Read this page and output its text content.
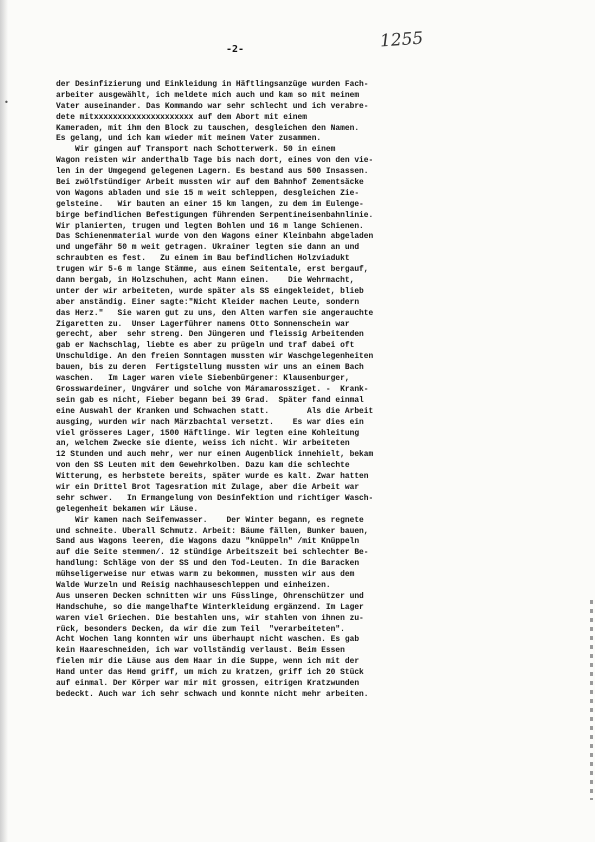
-2-	1255
•
der Desinfizierung und Einkleidung in Häftlingsanzüge wurden Fach-
arbeiter ausgewählt, ich meldete mich auch und kam so mit meinem
Vater auseinander. Das Kommando war sehr schlecht und ich verabre-
dete mitxxxxxxxxxxxxxxxxxxxxx auf dem Abort mit einem
Kameraden, mit ihm den Block zu tauschen, desgleichen den Namen.
Es gelang, und ich kam wieder mit meinem Vater zusammen.
Wir gingen auf Transport nach Schotterwerk. 50 in einem
Wagon reisten wir anderthalb Tage bis nach dort, eines von den vie-
len in der Umgegend gelegenen Lagern. Es bestand aus 500 Insassen.
Bei zwölfstündiger Arbeit mussten wir auf dem Bahnhof Zementsäcke
von Wagons abladen und sie 15 m weit schleppen, desgleichen Zie-
gelsteine.   Wir bauten an einer 15 km langen, zu dem im Eulenge-
birge befindlichen Befestigungen führenden Serpentineisenbahnlinie.
Wir planierten, trugen und legten Bohlen und 16 m lange Schienen.
Das Schienenmaterial wurde von den Wagons einer Kleinbahn abgeladen
und ungefähr 50 m weit getragen. Ukrainer legten sie dann an und
schraubten es fest.   Zu einem im Bau befindlichen Holzviadukt
trugen wir 5-6 m lange Stämme, aus einem Seitentale, erst bergauf,
dann bergab, in Holzschuhen, acht Mann einen.    Die Wehrmacht,
unter der wir arbeiteten, wurde später als SS eingekleidet, blieb
aber anständig. Einer sagte:"Nicht Kleider machen Leute, sondern
das Herz."   Sie waren gut zu uns, den Alten warfen sie angerauchte
Zigaretten zu.  Unser Lagerführer namens Otto Sonnenschein war
gerecht, aber  sehr streng. Den Jüngeren und fleissig Arbeitenden
gab er Nachschlag, liebte es aber zu prügeln und traf dabei oft
Unschuldige. An den freien Sonntagen mussten wir Waschgelegenheiten
bauen, bis zu deren  Fertigstellung mussten wir uns an einem Bach
waschen.   Im Lager waren viele Siebenbürgener: Klausenburger,
Grosswardeiner, Ungvárer und solche von Máramarossziget. -  Krank-
sein gab es nicht, Fieber begann bei 39 Grad.  Später fand einmal
eine Auswahl der Kranken und Schwachen statt.        Als die Arbeit
ausging, wurden wir nach Märzbachtal versetzt.    Es war dies ein
viel grösseres Lager, 1500 Häftlinge. Wir legten eine Kohleitung
an, welchem Zwecke sie diente, weiss ich nicht. Wir arbeiteten
12 Stunden und auch mehr, wer nur einen Augenblick innehielt, bekam
von den SS Leuten mit dem Gewehrkolben. Dazu kam die schlechte
Witterung, es herbstete bereits, später wurde es kalt. Zwar hatten
wir ein Drittel Brot Tagesration mit Zulage, aber die Arbeit war
sehr schwer.   In Ermangelung von Desinfektion und richtiger Wasch-
gelegenheit bekamen wir Läuse.
Wir kamen nach Seifenwasser.    Der Winter begann, es regnete
und schneite. Überall Schmutz. Arbeit: Bäume fällen, Bunker bauen,
Sand aus Wagons leeren, die Wagons dazu "knüppeln" /mit Knüppeln
auf die Seite stemmen/. 12 stündige Arbeitszeit bei schlechter Be-
handlung: Schläge von der SS und den Tod-Leuten. In die Baracken
mühseligerweise nur etwas warm zu bekommen, mussten wir aus dem
Walde Wurzeln und Reisig nachhauseschleppen und einheizen.
Aus unseren Decken schnitten wir uns Füsslinge, Ohrenschützer und
Handschuhe, so die mangelhafte Winterkleidung ergänzend. Im Lager
waren viel Griechen. Die bestahlen uns, wir stahlen von ihnen zu-
rück, besonders Decken, da wir die zum Teil  "verarbeiteten".
Acht Wochen lang konnten wir uns überhaupt nicht waschen. Es gab
kein Haareschneiden, ich war vollständig verlaust. Beim Essen
fielen mir die Läuse aus dem Haar in die Suppe, wenn ich mit der
Hand unter das Hemd griff, um mich zu kratzen, griff ich 20 Stück
auf einmal. Der Körper war mir mit grossen, eitrigen Kratzwunden
bedeckt. Auch war ich sehr schwach und konnte nicht mehr arbeiten.
